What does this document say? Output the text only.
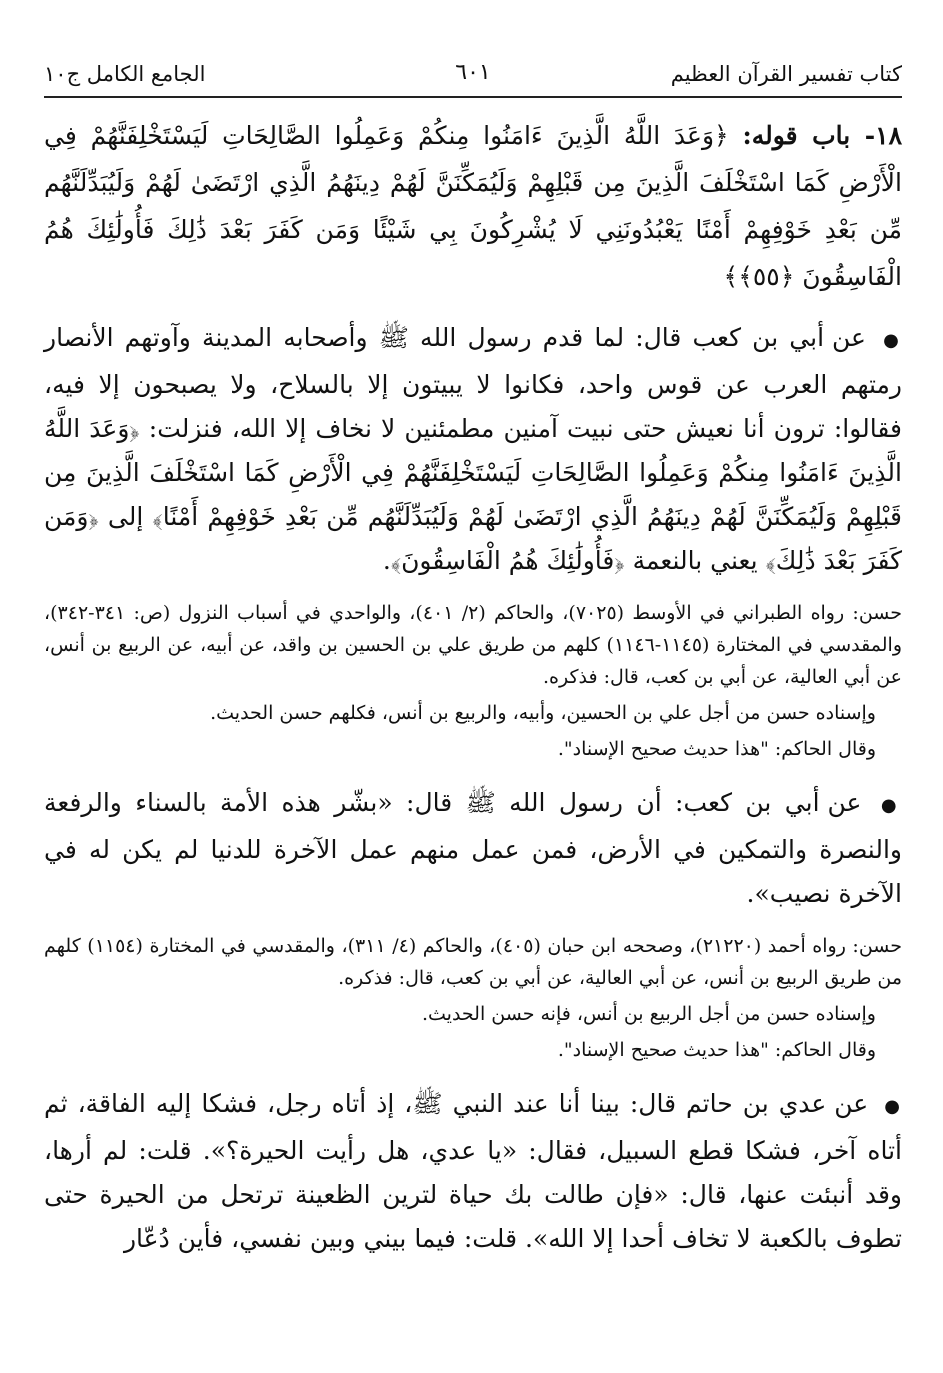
كتاب تفسير القرآن العظيم
٦٠١
الجامع الكامل ج١٠
١٨- باب قوله: ﴿وَعَدَ اللَّهُ الَّذِينَ ءَامَنُوا مِنكُمْ وَعَمِلُوا الصَّالِحَاتِ لَيَسْتَخْلِفَنَّهُمْ فِي الْأَرْضِ كَمَا اسْتَخْلَفَ الَّذِينَ مِن قَبْلِهِمْ وَلَيُمَكِّنَنَّ لَهُمْ دِينَهُمُ الَّذِي ارْتَضَىٰ لَهُمْ وَلَيُبَدِّلَنَّهُم مِّن بَعْدِ خَوْفِهِمْ أَمْنًا يَعْبُدُونَنِي لَا يُشْرِكُونَ بِي شَيْئًا وَمَن كَفَرَ بَعْدَ ذَٰلِكَ فَأُولَٰئِكَ هُمُ الْفَاسِقُونَ ﴿٥٥﴾﴾
● عن أبي بن كعب قال: لما قدم رسول الله ﷺ وأصحابه المدينة وآوتهم الأنصار رمتهم العرب عن قوس واحد، فكانوا لا يبيتون إلا بالسلاح، ولا يصبحون إلا فيه، فقالوا: ترون أنا نعيش حتى نبيت آمنين مطمئنين لا نخاف إلا الله، فنزلت: ﴿وَعَدَ اللَّهُ الَّذِينَ ءَامَنُوا مِنكُمْ وَعَمِلُوا الصَّالِحَاتِ لَيَسْتَخْلِفَنَّهُمْ فِي الْأَرْضِ كَمَا اسْتَخْلَفَ الَّذِينَ مِن قَبْلِهِمْ وَلَيُمَكِّنَنَّ لَهُمْ دِينَهُمُ الَّذِي ارْتَضَىٰ لَهُمْ وَلَيُبَدِّلَنَّهُم مِّن بَعْدِ خَوْفِهِمْ أَمْنًا﴾ إلى ﴿وَمَن كَفَرَ بَعْدَ ذَٰلِكَ﴾ يعني بالنعمة ﴿فَأُولَٰئِكَ هُمُ الْفَاسِقُونَ﴾.
حسن: رواه الطبراني في الأوسط (٧٠٢٥)، والحاكم (٢/ ٤٠١)، والواحدي في أسباب النزول (ص: ٣٤١-٣٤٢)، والمقدسي في المختارة (١١٤٥-١١٤٦) كلهم من طريق علي بن الحسين بن واقد، عن أبيه، عن الربيع بن أنس، عن أبي العالية، عن أبي بن كعب، قال: فذكره.
وإسناده حسن من أجل علي بن الحسين، وأبيه، والربيع بن أنس، فكلهم حسن الحديث.
وقال الحاكم: "هذا حديث صحيح الإسناد".
● عن أبي بن كعب: أن رسول الله ﷺ قال: «بشّر هذه الأمة بالسناء والرفعة والنصرة والتمكين في الأرض، فمن عمل منهم عمل الآخرة للدنيا لم يكن له في الآخرة نصيب».
حسن: رواه أحمد (٢١٢٢٠)، وصححه ابن حبان (٤٠٥)، والحاكم (٤/ ٣١١)، والمقدسي في المختارة (١١٥٤) كلهم من طريق الربيع بن أنس، عن أبي العالية، عن أبي بن كعب، قال: فذكره.
وإسناده حسن من أجل الربيع بن أنس، فإنه حسن الحديث.
وقال الحاكم: "هذا حديث صحيح الإسناد".
● عن عدي بن حاتم قال: بينا أنا عند النبي ﷺ، إذ أتاه رجل، فشكا إليه الفاقة، ثم أتاه آخر، فشكا قطع السبيل، فقال: «يا عدي، هل رأيت الحيرة؟». قلت: لم أرها، وقد أنبئت عنها، قال: «فإن طالت بك حياة لترين الظعينة ترتحل من الحيرة حتى تطوف بالكعبة لا تخاف أحدا إلا الله». قلت: فيما بيني وبين نفسي، فأين دُعّار
